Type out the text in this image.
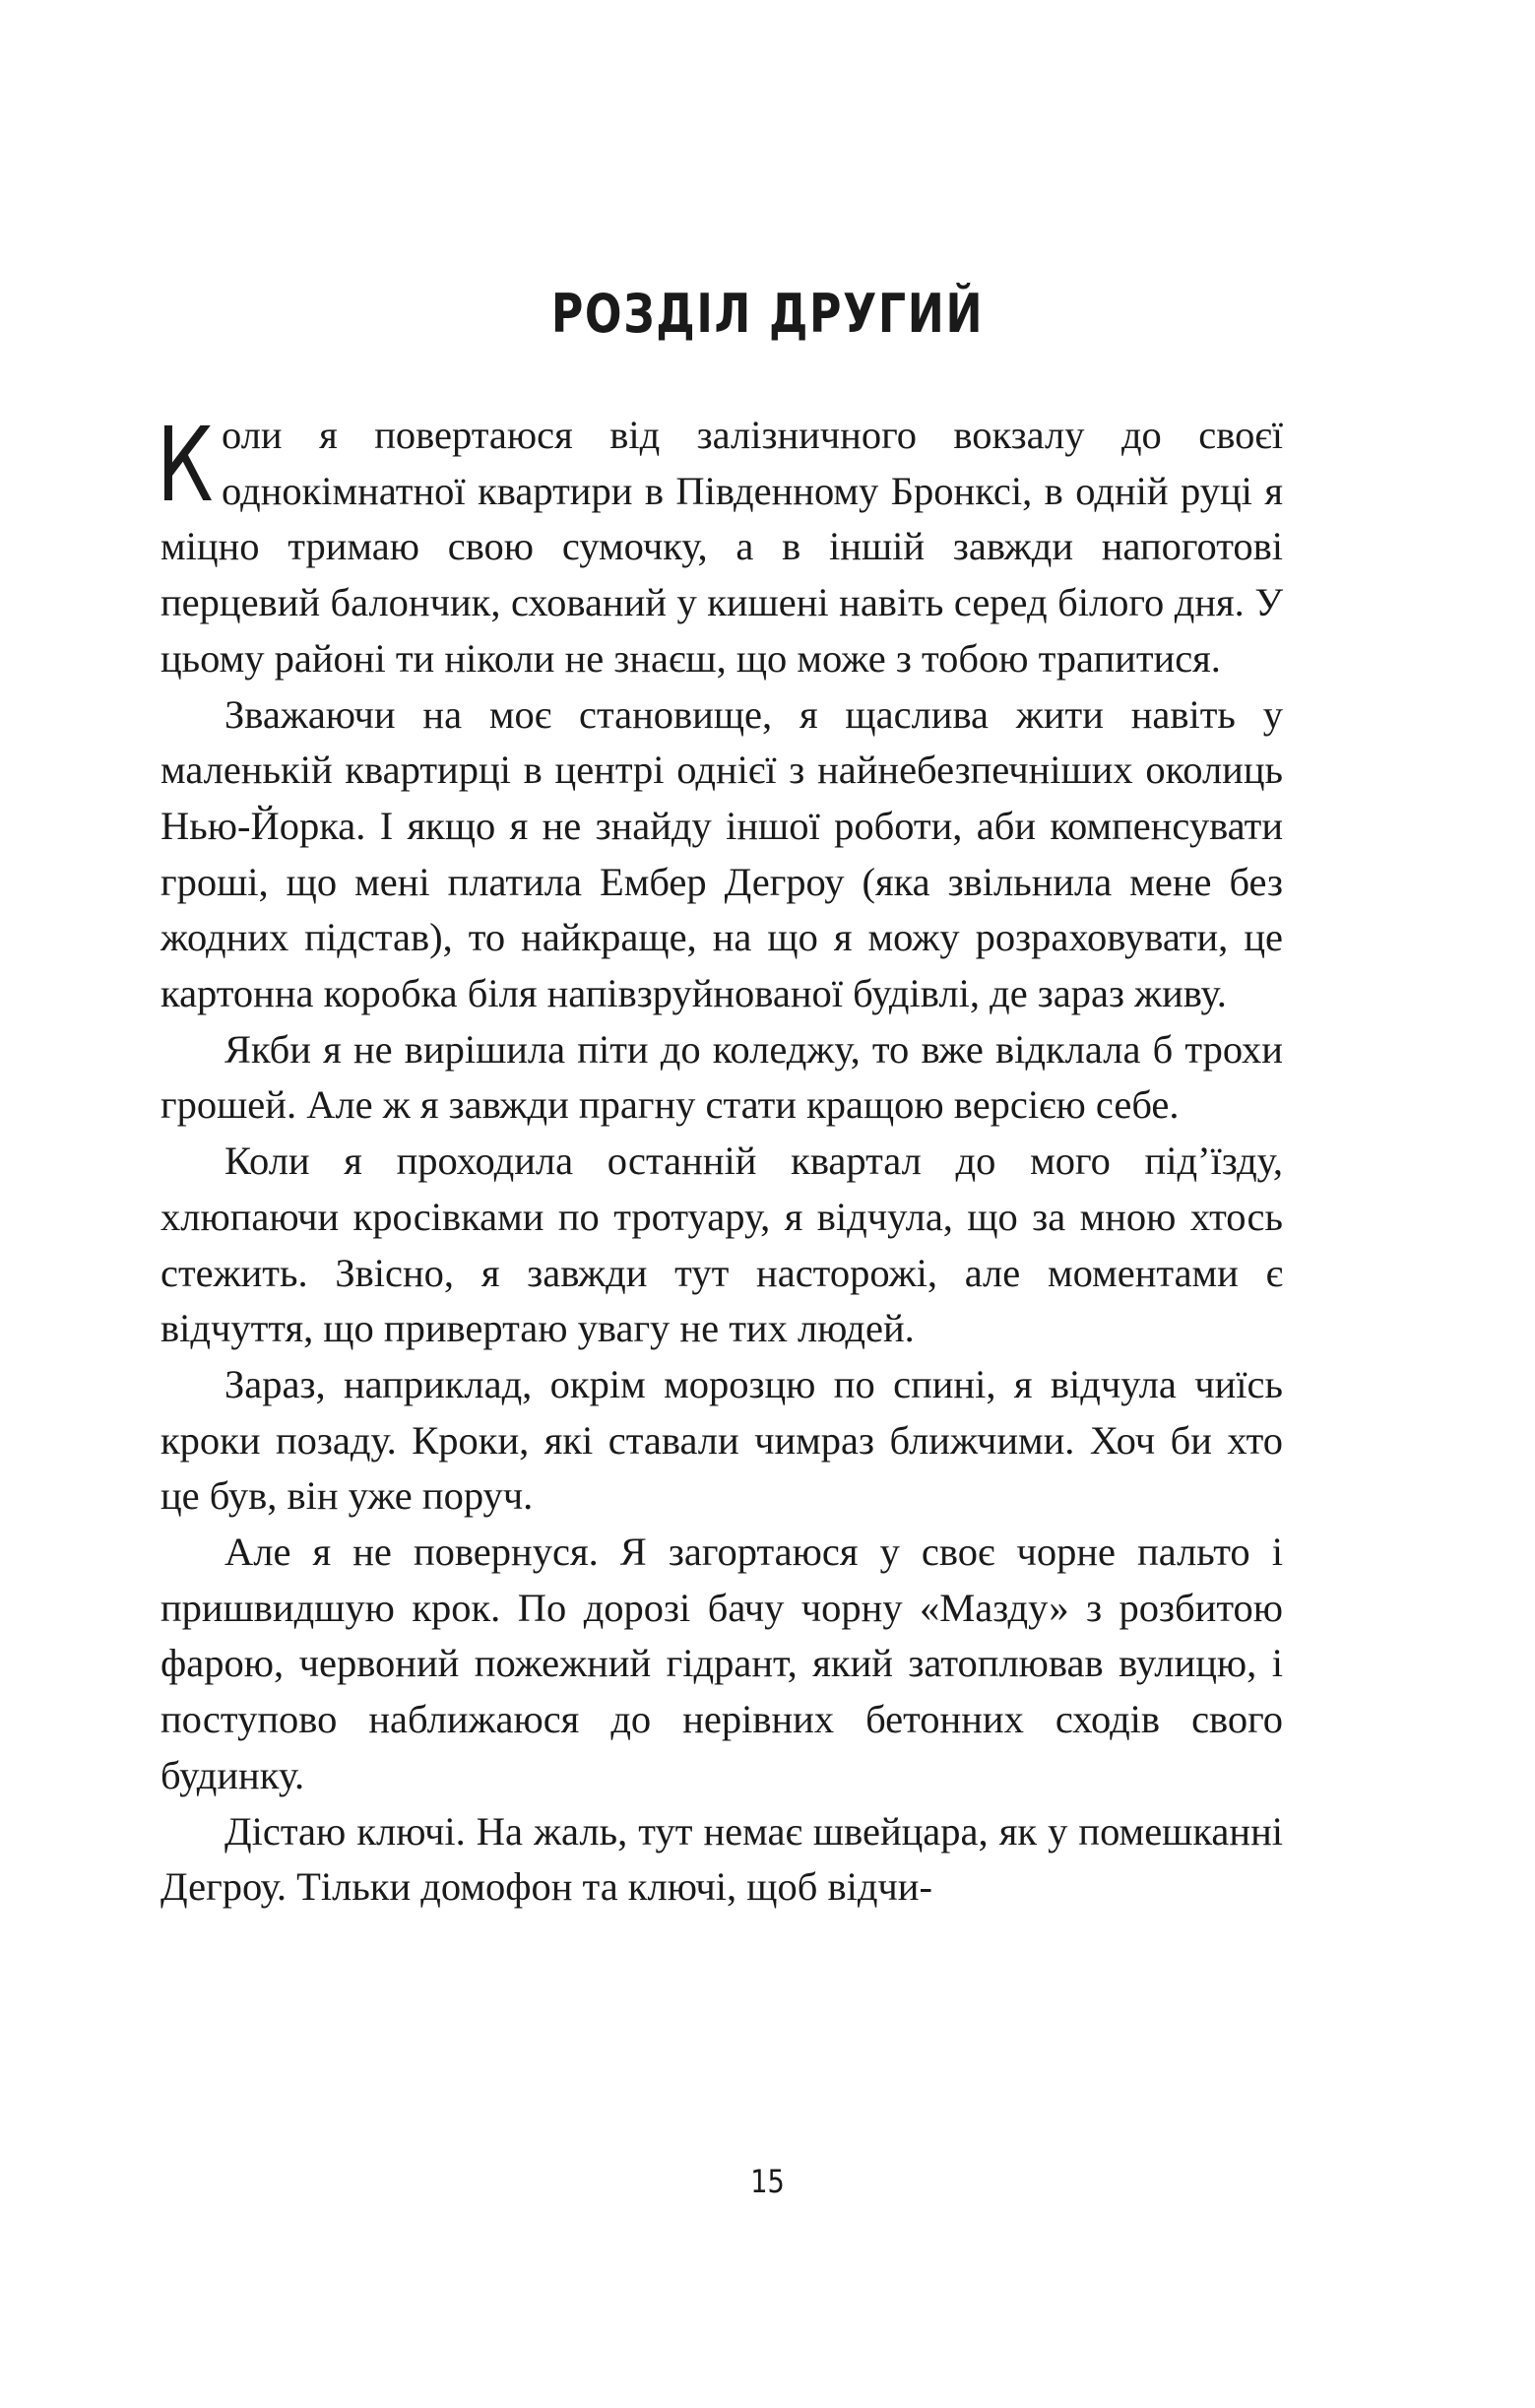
РОЗДІЛ ДРУГИЙ

Коли я повертаюся від залізничного вокзалу до своєї однокімнатної квартири в Південному Бронксі, в одній руці я міцно тримаю свою сумочку, а в іншій завжди напоготові перцевий балончик, схований у кишені навіть серед білого дня. У цьому районі ти ніколи не знаєш, що може з тобою трапитися.

Зважаючи на моє становище, я щаслива жити навіть у маленькій квартирці в центрі однієї з найнебезпечніших околиць Нью-Йорка. І якщо я не знайду іншої роботи, аби компенсувати гроші, що мені платила Ембер Дегроу (яка звільнила мене без жодних підстав), то найкраще, на що я можу розраховувати, це картонна коробка біля напівзруйнованої будівлі, де зараз живу.

Якби я не вирішила піти до коледжу, то вже відклала б трохи грошей. Але ж я завжди прагну стати кращою версією себе.

Коли я проходила останній квартал до мого під’їзду, хлюпаючи кросівками по тротуару, я відчула, що за мною хтось стежить. Звісно, я завжди тут насторожі, але моментами є відчуття, що привертаю увагу не тих людей.

Зараз, наприклад, окрім морозцю по спині, я відчула чиїсь кроки позаду. Кроки, які ставали чимраз ближчими. Хоч би хто це був, він уже поруч.

Але я не повернуся. Я загортаюся у своє чорне пальто і пришвидшую крок. По дорозі бачу чорну «Мазду» з розбитою фарою, червоний пожежний гідрант, який затоплював вулицю, і поступово наближаюся до нерівних бетонних сходів свого будинку.

Дістаю ключі. На жаль, тут немає швейцара, як у помешканні Дегроу. Тільки домофон та ключі, щоб відчи-

15
